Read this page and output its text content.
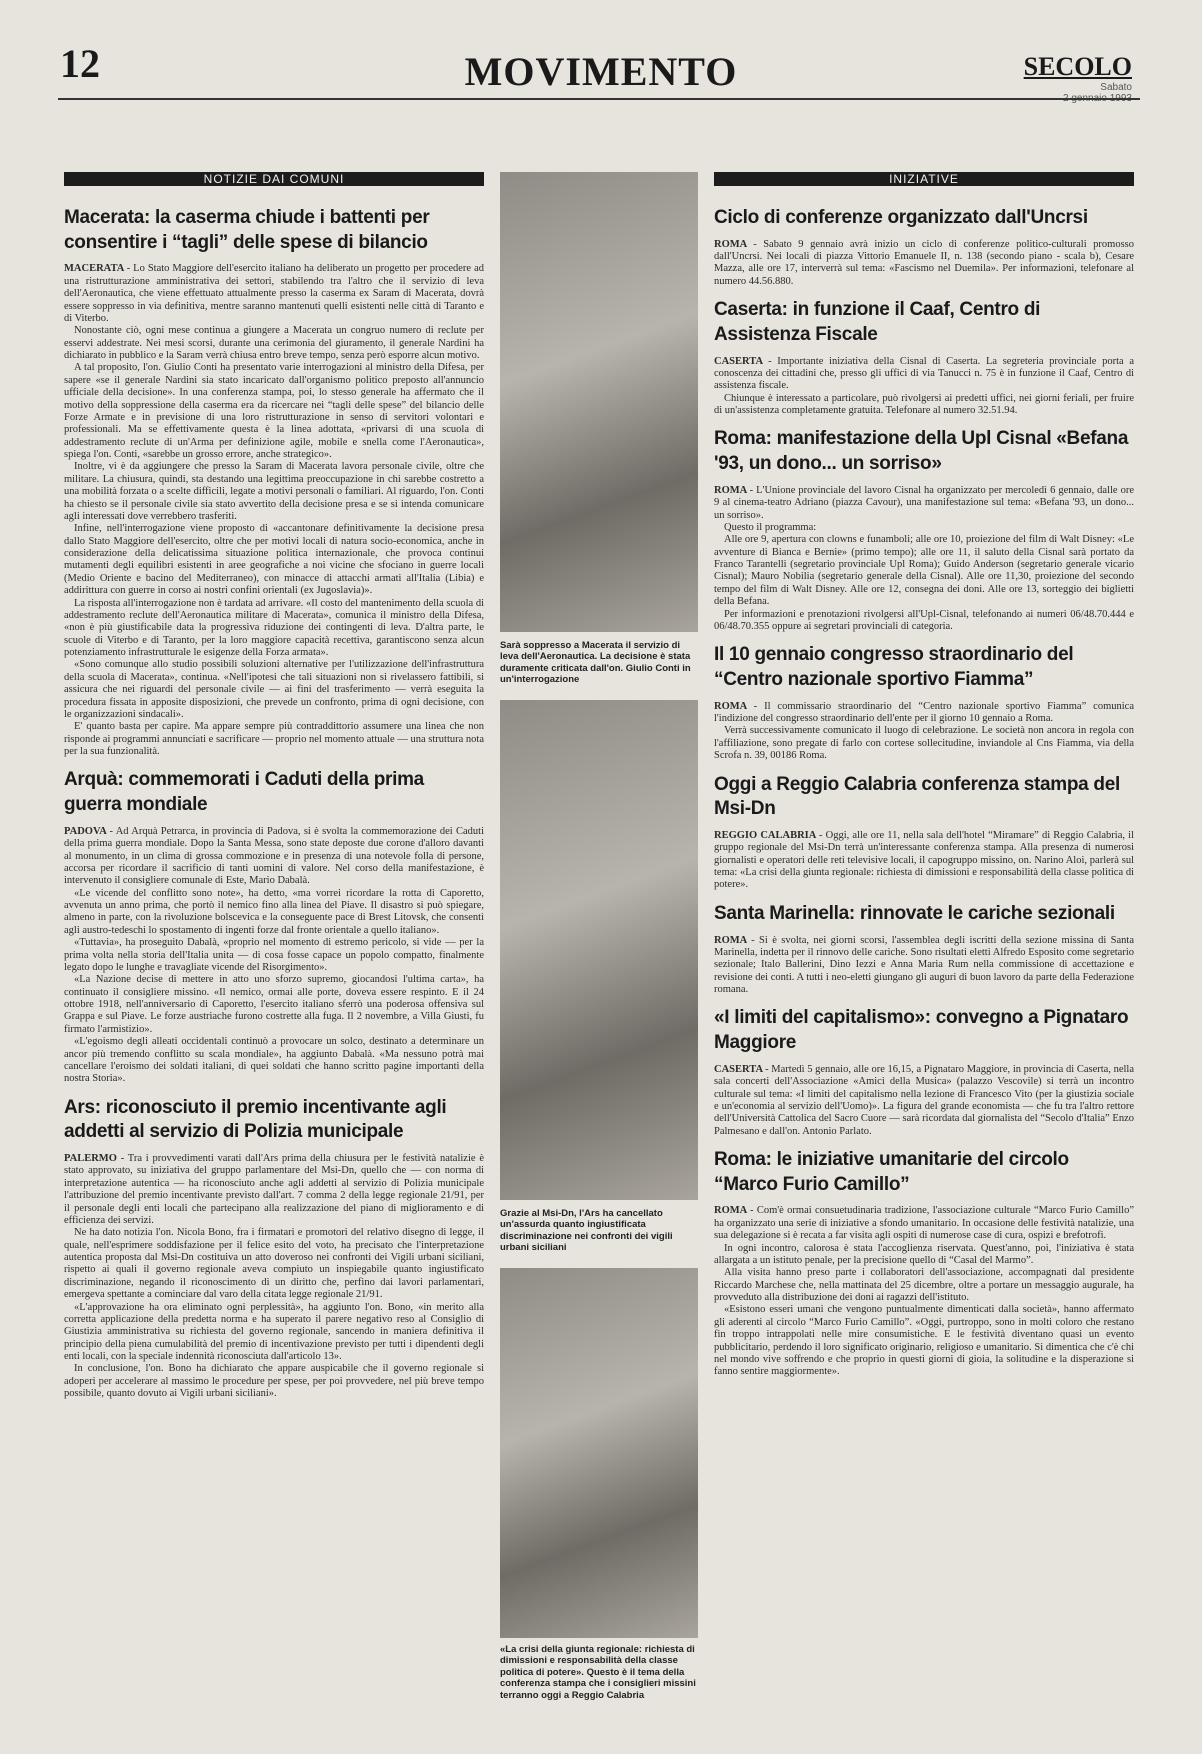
12	MOVIMENTO	SECOLO
Sabato
NOTIZIE DAI COMUNI
Macerata: la caserma chiude i battenti per consentire i “tagli” delle spese di bilancio

MACERATA - Lo Stato Maggiore dell'esercito italiano ha deliberato un progetto per procedere ad una ristrutturazione amministrativa dei settori, stabilendo tra l'altro che il servizio di leva dell'Aeronautica, che viene effettuato attualmente presso la caserma ex Saram di Macerata, dovrà essere soppresso in via definitiva, mentre saranno mantenuti quelli esistenti nelle città di Taranto e di Viterbo.

Nonostante ciò, ogni mese continua a giungere a Macerata un congruo numero di reclute per esservi addestrate. Nei mesi scorsi, durante una cerimonia del giuramento, il generale Nardini ha dichiarato in pubblico e la Saram verrà chiusa entro breve tempo, senza però esporre alcun motivo.

A tal proposito, l'on. Giulio Conti ha presentato varie interrogazioni al ministro della Difesa, per sapere «se il generale Nardini sia stato incaricato dall'organismo politico preposto all'annuncio ufficiale della decisione». In una conferenza stampa, poi, lo stesso generale ha affermato che il motivo della soppressione della caserma era da ricercare nei “tagli delle spese” del bilancio delle Forze Armate e in previsione di una loro ristrutturazione in senso di servitori volontari e professionali. Ma se effettivamente questa è la linea adottata, «privarsi di una scuola di addestramento reclute di un'Arma per definizione agile, mobile e snella come l'Aeronautica», spiega l'on. Conti, «sarebbe un grosso errore, anche strategico».

Inoltre, vi è da aggiungere che presso la Saram di Macerata lavora personale civile, oltre che militare. La chiusura, quindi, sta destando una legittima preoccupazione in chi sarebbe costretto a una mobilità forzata o a scelte difficili, legate a motivi personali o familiari. Al riguardo, l'on. Conti ha chiesto se il personale civile sia stato avvertito della decisione presa e se si intenda comunicare agli interessati dove verrebbero trasferiti.

Infine, nell'interrogazione viene proposto di «accantonare definitivamente la decisione presa dallo Stato Maggiore dell'esercito, oltre che per motivi locali di natura socio-economica, anche in considerazione della delicatissima situazione politica internazionale, che provoca continui mutamenti degli equilibri esistenti in aree geografiche a noi vicine che sfociano in guerre locali (Medio Oriente e bacino del Mediterraneo), con minacce di attacchi armati all'Italia (Libia) e addirittura con guerre in corso ai nostri confini orientali (ex Jugoslavia)».

La risposta all'interrogazione non è tardata ad arrivare. «Il costo del mantenimento della scuola di addestramento reclute dell'Aeronautica militare di Macerata», comunica il ministro della Difesa, «non è più giustificabile data la progressiva riduzione dei contingenti di leva. D'altra parte, le scuole di Viterbo e di Taranto, per la loro maggiore capacità recettiva, garantiscono senza alcun potenziamento infrastrutturale le esigenze della Forza armata».

«Sono comunque allo studio possibili soluzioni alternative per l'utilizzazione dell'infrastruttura della scuola di Macerata», continua. «Nell'ipotesi che tali situazioni non si rivelassero fattibili, si assicura che nei riguardi del personale civile — ai fini del trasferimento — verrà eseguita la procedura fissata in apposite disposizioni, che prevede un confronto, prima di ogni decisione, con le organizzazioni sindacali».

E' quanto basta per capire. Ma appare sempre più contraddittorio assumere una linea che non risponde ai programmi annunciati e sacrificare — proprio nel momento attuale — una struttura nota per la sua funzionalità.

Arquà: commemorati i Caduti della prima guerra mondiale

PADOVA - Ad Arquà Petrarca, in provincia di Padova, si è svolta la commemorazione dei Caduti della prima guerra mondiale. Dopo la Santa Messa, sono state deposte due corone d'alloro davanti al monumento, in un clima di grossa commozione e in presenza di una notevole folla di persone, accorsa per ricordare il sacrificio di tanti uomini di valore. Nel corso della manifestazione, è intervenuto il consigliere comunale di Este, Mario Dabalà.

«Le vicende del conflitto sono note», ha detto, «ma vorrei ricordare la rotta di Caporetto, avvenuta un anno prima, che portò il nemico fino alla linea del Piave. Il disastro si può spiegare, almeno in parte, con la rivoluzione bolscevica e la conseguente pace di Brest Litovsk, che consentì agli austro-tedeschi lo spostamento di ingenti forze dal fronte orientale a quello italiano».

«Tuttavia», ha proseguito Dabalà, «proprio nel momento di estremo pericolo, si vide — per la prima volta nella storia dell'Italia unita — di cosa fosse capace un popolo compatto, finalmente legato dopo le lunghe e travagliate vicende del Risorgimento».

«La Nazione decise di mettere in atto uno sforzo supremo, giocandosi l'ultima carta», ha continuato il consigliere missino. «Il nemico, ormai alle porte, doveva essere respinto. E il 24 ottobre 1918, nell'anniversario di Caporetto, l'esercito italiano sferrò una poderosa offensiva sul Grappa e sul Piave. Le forze austriache furono costrette alla fuga. Il 2 novembre, a Villa Giusti, fu firmato l'armistizio».

«L'egoismo degli alleati occidentali continuò a provocare un solco, destinato a determinare un ancor più tremendo conflitto su scala mondiale», ha aggiunto Dabalà. «Ma nessuno potrà mai cancellare l'eroismo dei soldati italiani, di quei soldati che hanno scritto pagine importanti della nostra Storia».

Ars: riconosciuto il premio incentivante agli addetti al servizio di Polizia municipale

PALERMO - Tra i provvedimenti varati dall'Ars prima della chiusura per le festività natalizie è stato approvato, su iniziativa del gruppo parlamentare del Msi-Dn, quello che — con norma di interpretazione autentica — ha riconosciuto anche agli addetti al servizio di Polizia municipale l'attribuzione del premio incentivante previsto dall'art. 7 comma 2 della legge regionale 21/91, per il personale degli enti locali che partecipano alla realizzazione del piano di miglioramento e di efficienza dei servizi.

Ne ha dato notizia l'on. Nicola Bono, fra i firmatari e promotori del relativo disegno di legge, il quale, nell'esprimere soddisfazione per il felice esito del voto, ha precisato che l'interpretazione autentica proposta dal Msi-Dn costituiva un atto doveroso nei confronti dei Vigili urbani siciliani, rispetto ai quali il governo regionale aveva compiuto un inspiegabile quanto ingiustificato discriminazione, negando il riconoscimento di un diritto che, perfino dai lavori parlamentari, emergeva spettante a cominciare dal varo della citata legge regionale 21/91.

«L'approvazione ha ora eliminato ogni perplessità», ha aggiunto l'on. Bono, «in merito alla corretta applicazione della predetta norma e ha superato il parere negativo reso al Consiglio di Giustizia amministrativa su richiesta del governo regionale, sancendo in maniera definitiva il principio della piena cumulabilità del premio di incentivazione previsto per tutti i dipendenti degli enti locali, con la speciale indennità riconosciuta dall'articolo 13».

In conclusione, l'on. Bono ha dichiarato che appare auspicabile che il governo regionale si adoperi per accelerare al massimo le procedure per spese, per poi provvedere, nel più breve tempo possibile, quanto dovuto ai Vigili urbani siciliani».

Sarà soppresso a Macerata il servizio di leva dell'Aeronautica. La decisione è stata duramente criticata dall'on. Giulio Conti in un'interrogazione
Grazie al Msi-Dn, l'Ars ha cancellato un'assurda quanto ingiustificata discriminazione nei confronti dei vigili urbani siciliani
«La crisi della giunta regionale: richiesta di dimissioni e responsabilità della classe politica di potere». Questo è il tema della conferenza stampa che i consiglieri missini terranno oggi a Reggio Calabria
INIZIATIVE
Ciclo di conferenze organizzato dall'Uncrsi

ROMA - Sabato 9 gennaio avrà inizio un ciclo di conferenze politico-culturali promosso dall'Uncrsi. Nei locali di piazza Vittorio Emanuele II, n. 138 (secondo piano - scala b), Cesare Mazza, alle ore 17, interverrà sul tema: «Fascismo nel Duemila». Per informazioni, telefonare al numero 44.56.880.

Caserta: in funzione il Caaf, Centro di Assistenza Fiscale

CASERTA - Importante iniziativa della Cisnal di Caserta. La segreteria provinciale porta a conoscenza dei cittadini che, presso gli uffici di via Tanucci n. 75 è in funzione il Caaf, Centro di assistenza fiscale.

Chiunque è interessato a particolare, può rivolgersi ai predetti uffici, nei giorni feriali, per fruire di un'assistenza completamente gratuita. Telefonare al numero 32.51.94.

Roma: manifestazione della Upl Cisnal «Befana '93, un dono... un sorriso»

ROMA - L'Unione provinciale del lavoro Cisnal ha organizzato per mercoledì 6 gennaio, dalle ore 9 al cinema-teatro Adriano (piazza Cavour), una manifestazione sul tema: «Befana '93, un dono... un sorriso».

Questo il programma:

Alle ore 9, apertura con clowns e funamboli; alle ore 10, proiezione del film di Walt Disney: «Le avventure di Bianca e Bernie» (primo tempo); alle ore 11, il saluto della Cisnal sarà portato da Franco Tarantelli (segretario provinciale Upl Roma); Guido Anderson (segretario generale vicario Cisnal); Mauro Nobilia (segretario generale della Cisnal). Alle ore 11,30, proiezione del secondo tempo del film di Walt Disney. Alle ore 12, consegna dei doni. Alle ore 13, sorteggio dei biglietti della Befana.

Per informazioni e prenotazioni rivolgersi all'Upl-Cisnal, telefonando ai numeri 06/48.70.444 e 06/48.70.355 oppure ai segretari provinciali di categoria.

Il 10 gennaio congresso straordinario del “Centro nazionale sportivo Fiamma”

ROMA - Il commissario straordinario del “Centro nazionale sportivo Fiamma” comunica l'indizione del congresso straordinario dell'ente per il giorno 10 gennaio a Roma.

Verrà successivamente comunicato il luogo di celebrazione. Le società non ancora in regola con l'affiliazione, sono pregate di farlo con cortese sollecitudine, inviandole al Cns Fiamma, via della Scrofa n. 39, 00186 Roma.

Oggi a Reggio Calabria conferenza stampa del Msi-Dn

REGGIO CALABRIA - Oggi, alle ore 11, nella sala dell'hotel “Miramare” di Reggio Calabria, il gruppo regionale del Msi-Dn terrà un'interessante conferenza stampa. Alla presenza di numerosi giornalisti e operatori delle reti televisive locali, il capogruppo missino, on. Narino Aloi, parlerà sul tema: «La crisi della giunta regionale: richiesta di dimissioni e responsabilità della classe politica di potere».

Santa Marinella: rinnovate le cariche sezionali

ROMA - Si è svolta, nei giorni scorsi, l'assemblea degli iscritti della sezione missina di Santa Marinella, indetta per il rinnovo delle cariche. Sono risultati eletti Alfredo Esposito come segretario sezionale; Italo Ballerini, Dino Iezzi e Anna Maria Rum nella commissione di accettazione e revisione dei conti. A tutti i neo-eletti giungano gli auguri di buon lavoro da parte della Federazione romana.

«I limiti del capitalismo»: convegno a Pignataro Maggiore

CASERTA - Martedì 5 gennaio, alle ore 16,15, a Pignataro Maggiore, in provincia di Caserta, nella sala concerti dell'Associazione «Amici della Musica» (palazzo Vescovile) si terrà un incontro culturale sul tema: «I limiti del capitalismo nella lezione di Francesco Vito (per la giustizia sociale e un'economia al servizio dell'Uomo)». La figura del grande economista — che fu tra l'altro rettore dell'Università Cattolica del Sacro Cuore — sarà ricordata dal giornalista del “Secolo d'Italia” Enzo Palmesano e dall'on. Antonio Parlato.

Roma: le iniziative umanitarie del circolo “Marco Furio Camillo”

ROMA - Com'è ormai consuetudinaria tradizione, l'associazione culturale “Marco Furio Camillo” ha organizzato una serie di iniziative a sfondo umanitario. In occasione delle festività natalizie, una sua delegazione si è recata a far visita agli ospiti di numerose case di cura, ospizi e brefotrofi.

In ogni incontro, calorosa è stata l'accoglienza riservata. Quest'anno, poi, l'iniziativa è stata allargata a un istituto penale, per la precisione quello di “Casal del Marmo”.

Alla visita hanno preso parte i collaboratori dell'associazione, accompagnati dal presidente Riccardo Marchese che, nella mattinata del 25 dicembre, oltre a portare un messaggio augurale, ha provveduto alla distribuzione dei doni ai ragazzi dell'istituto.

«Esistono esseri umani che vengono puntualmente dimenticati dalla società», hanno affermato gli aderenti al circolo “Marco Furio Camillo”. «Oggi, purtroppo, sono in molti coloro che restano fin troppo intrappolati nelle mire consumistiche. E le festività diventano quasi un evento pubblicitario, perdendo il loro significato originario, religioso e umanitario. Si dimentica che c'è chi nel mondo vive soffrendo e che proprio in questi giorni di gioia, la solitudine e la disperazione si fanno sentire maggiormente».
